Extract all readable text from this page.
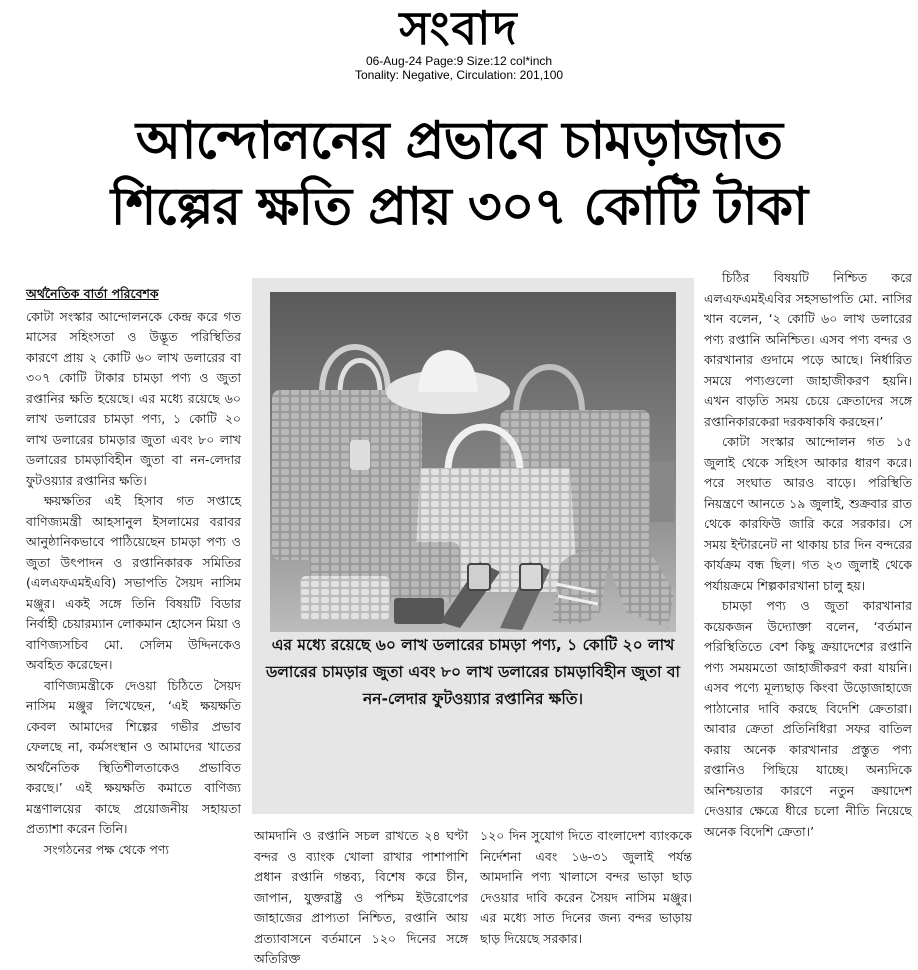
সংবাদ
06-Aug-24 Page:9 Size:12 col*inch
Tonality: Negative, Circulation: 201,100
আন্দোলনের প্রভাবে চামড়াজাত
শিল্পের ক্ষতি প্রায় ৩০৭ কোটি টাকা
অর্থনৈতিক বার্তা পরিবেশক

কোটা সংস্কার আন্দোলনকে কেন্দ্র করে গত মাসের সহিংসতা ও উদ্ভূত পরিস্থিতির কারণে প্রায় ২ কোটি ৬০ লাখ ডলারের বা ৩০৭ কোটি টাকার চামড়া পণ্য ও জুতা রপ্তানির ক্ষতি হয়েছে। এর মধ্যে রয়েছে ৬০ লাখ ডলারের চামড়া পণ্য, ১ কোটি ২০ লাখ ডলারের চামড়ার জুতা এবং ৮০ লাখ ডলারের চামড়াবিহীন জুতা বা নন-লেদার ফুটওয়্যার রপ্তানির ক্ষতি।

ক্ষয়ক্ষতির এই হিসাব গত সপ্তাহে বাণিজ্যমন্ত্রী আহসানুল ইসলামের বরাবর আনুষ্ঠানিকভাবে পাঠিয়েছেন চামড়া পণ্য ও জুতা উৎপাদন ও রপ্তানিকারক সমিতির (এলএফএমইএবি) সভাপতি সৈয়দ নাসিম মঞ্জুর। একই সঙ্গে তিনি বিষয়টি বিডার নির্বাহী চেয়ারম্যান লোকমান হোসেন মিয়া ও বাণিজ্যসচিব মো. সেলিম উদ্দিনকেও অবহিত করেছেন।

বাণিজ্যমন্ত্রীকে দেওয়া চিঠিতে সৈয়দ নাসিম মঞ্জুর লিখেছেন, ‘এই ক্ষয়ক্ষতি কেবল আমাদের শিল্পের গভীর প্রভাব ফেলছে না, কর্মসংস্থান ও আমাদের খাতের অর্থনৈতিক স্থিতিশীলতাকেও প্রভাবিত করছে।’ এই ক্ষয়ক্ষতি কমাতে বাণিজ্য মন্ত্রণালয়ের কাছে প্রয়োজনীয় সহায়তা প্রত্যাশা করেন তিনি।

সংগঠনের পক্ষ থেকে পণ্য

এর মধ্যে রয়েছে ৬০ লাখ ডলারের চামড়া পণ্য, ১ কোটি ২০ লাখ ডলারের চামড়ার জুতা এবং ৮০ লাখ ডলারের চামড়াবিহীন জুতা বা নন-লেদার ফুটওয়্যার রপ্তানির ক্ষতি।

আমদানি ও রপ্তানি সচল রাখতে ২৪ ঘণ্টা বন্দর ও ব্যাংক খোলা রাখার পাশাপাশি প্রধান রপ্তানি গন্তব্য, বিশেষ করে চীন, জাপান, যুক্তরাষ্ট্র ও পশ্চিম ইউরোপের জাহাজের প্রাপ্যতা নিশ্চিত, রপ্তানি আয় প্রত্যাবাসনে বর্তমানে ১২০ দিনের সঙ্গে অতিরিক্ত

১২০ দিন সুযোগ দিতে বাংলাদেশ ব্যাংককে নির্দেশনা এবং ১৬-৩১ জুলাই পর্যন্ত আমদানি পণ্য খালাসে বন্দর ভাড়া ছাড় দেওয়ার দাবি করেন সৈয়দ নাসিম মঞ্জুর। এর মধ্যে সাত দিনের জন্য বন্দর ভাড়ায় ছাড় দিয়েছে সরকার।

চিঠির বিষয়টি নিশ্চিত করে এলএফএমইএবির সহসভাপতি মো. নাসির খান বলেন, ‘২ কোটি ৬০ লাখ ডলারের পণ্য রপ্তানি অনিশ্চিত। এসব পণ্য বন্দর ও কারখানার গুদামে পড়ে আছে। নির্ধারিত সময়ে পণ্যগুলো জাহাজীকরণ হয়নি। এখন বাড়তি সময় চেয়ে ক্রেতাদের সঙ্গে রপ্তানিকারকেরা দরকষাকষি করছেন।’

কোটা সংস্কার আন্দোলন গত ১৫ জুলাই থেকে সহিংস আকার ধারণ করে। পরে সংঘাত আরও বাড়ে। পরিস্থিতি নিয়ন্ত্রণে আনতে ১৯ জুলাই, শুক্রবার রাত থেকে কারফিউ জারি করে সরকার। সে সময় ইন্টারনেট না থাকায় চার দিন বন্দরের কার্যক্রম বন্ধ ছিল। গত ২৩ জুলাই থেকে পর্যায়ক্রমে শিল্পকারখানা চালু হয়।

চামড়া পণ্য ও জুতা কারখানার কয়েকজন উদ্যোক্তা বলেন, ‘বর্তমান পরিস্থিতিতে বেশ কিছু ক্রয়াদেশের রপ্তানি পণ্য সময়মতো জাহাজীকরণ করা যায়নি। এসব পণ্যে মূল্যছাড় কিংবা উড়োজাহাজে পাঠানোর দাবি করছে বিদেশি ক্রেতারা। আবার ক্রেতা প্রতিনিধিরা সফর বাতিল করায় অনেক কারখানার প্রস্তুত পণ্য রপ্তানিও পিছিয়ে যাচ্ছে। অন্যদিকে অনিশ্চয়তার কারণে নতুন ক্রয়াদেশ দেওয়ার ক্ষেত্রে ধীরে চলো নীতি নিয়েছে অনেক বিদেশি ক্রেতা।’
